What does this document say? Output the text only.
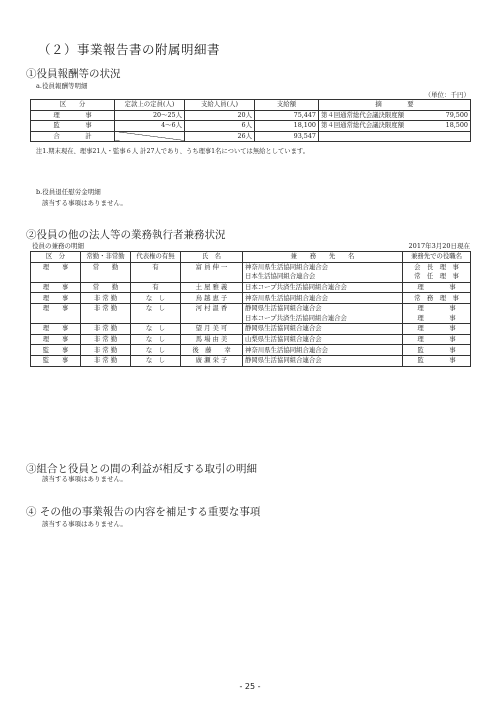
（２）事業報告書の附属明細書
①役員報酬等の状況
a.役員報酬等明細
（単位：千円）
区　　分	定款上の定員(人)	支給人員(人)	支給額	摘　　　　要	
理　　　　事	20～25人	20人	75,447	第４回通常総代会議決限度額	79,500
監　　　　事	4～6人	6人	18,100	第４回通常総代会議決限度額	18,500
合　　　　計		26人	93,547		
注1.期末現在、理事21人・監事６人 計27人であり、うち理事1名については無給としています。
b.役員退任慰労金明細
該当する事項はありません。
②役員の他の法人等の業務執行者兼務状況
役員の兼務の明細	2017年3月20日現在
区　分	常勤・非常勤	代表権の有無	氏　名	兼　　務　　先　　名	兼務先での役職名
理　　事	常　　勤	有	富 員 伸 一	神奈川県生活協同組合連合会	会　長　理　事
				日本生活協同組合連合会	常　任　理　事
理　　事	常　　勤	有	土 屋 雅 義	日本コープ共済生活協同組合連合会	理　　　　事
理　　事	非 常 勤	な　し	鳥 越 恵 子	神奈川県生活協同組合連合会	常　務　理　事
理　　事	非 常 勤	な　し	河 村 温 香	静岡県生活協同組合連合会	理　　　　事
				日本コープ共済生活協同組合連合会	理　　　　事
理　　事	非 常 勤	な　し	望 月 美 可	静岡県生活協同組合連合会	理　　　　事
理　　事	非 常 勤	な　し	馬 場 由 美	山梨県生活協同組合連合会	理　　　　事
監　　事	非 常 勤	な　し	後　藤　　幸	神奈川県生活協同組合連合会	監　　　　事
監　　事	非 常 勤	な　し	廣 瀬 栄 子	静岡県生活協同組合連合会	監　　　　事
③組合と役員との間の利益が相反する取引の明細
該当する事項はありません。
④ その他の事業報告の内容を補足する重要な事項
該当する事項はありません。
- 25 -
